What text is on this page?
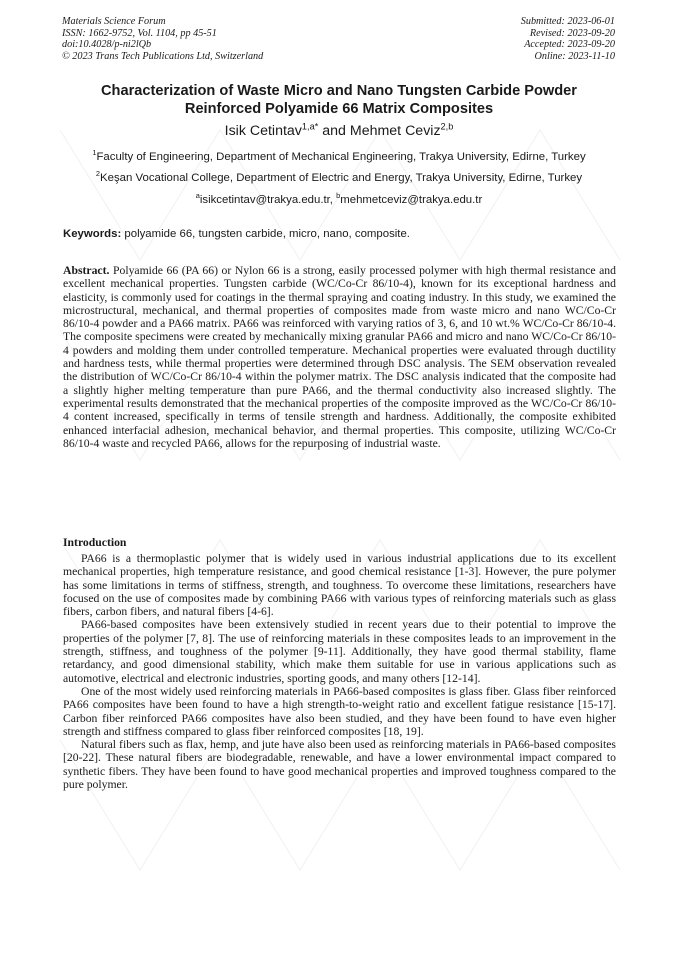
Materials Science Forum
ISSN: 1662-9752, Vol. 1104, pp 45-51
doi:10.4028/p-ni2lQb
© 2023 Trans Tech Publications Ltd, Switzerland
Submitted: 2023-06-01
Revised: 2023-09-20
Accepted: 2023-09-20
Online: 2023-11-10
Characterization of Waste Micro and Nano Tungsten Carbide Powder
Reinforced Polyamide 66 Matrix Composites
Isik Cetintav$^{1,a*}$ and Mehmet Ceviz$^{2,b}$
$^1$Faculty of Engineering, Department of Mechanical Engineering, Trakya University, Edirne, Turkey
$^2$Keşan Vocational College, Department of Electric and Energy, Trakya University, Edirne, Turkey
$^a$isikcetintav@trakya.edu.tr, $^b$mehmetceviz@trakya.edu.tr
Keywords: polyamide 66, tungsten carbide, micro, nano, composite.
Abstract. Polyamide 66 (PA 66) or Nylon 66 is a strong, easily processed polymer with high thermal resistance and excellent mechanical properties. Tungsten carbide (WC/Co-Cr 86/10-4), known for its exceptional hardness and elasticity, is commonly used for coatings in the thermal spraying and coating industry. In this study, we examined the microstructural, mechanical, and thermal properties of composites made from waste micro and nano WC/Co-Cr 86/10-4 powder and a PA66 matrix. PA66 was reinforced with varying ratios of 3, 6, and 10 wt.% WC/Co-Cr 86/10-4. The composite specimens were created by mechanically mixing granular PA66 and micro and nano WC/Co-Cr 86/10-4 powders and molding them under controlled temperature. Mechanical properties were evaluated through ductility and hardness tests, while thermal properties were determined through DSC analysis. The SEM observation revealed the distribution of WC/Co-Cr 86/10-4 within the polymer matrix. The DSC analysis indicated that the composite had a slightly higher melting temperature than pure PA66, and the thermal conductivity also increased slightly. The experimental results demonstrated that the mechanical properties of the composite improved as the WC/Co-Cr 86/10-4 content increased, specifically in terms of tensile strength and hardness. Additionally, the composite exhibited enhanced interfacial adhesion, mechanical behavior, and thermal properties. This composite, utilizing WC/Co-Cr 86/10-4 waste and recycled PA66, allows for the repurposing of industrial waste.
Introduction

PA66 is a thermoplastic polymer that is widely used in various industrial applications due to its excellent mechanical properties, high temperature resistance, and good chemical resistance [1-3]. However, the pure polymer has some limitations in terms of stiffness, strength, and toughness. To overcome these limitations, researchers have focused on the use of composites made by combining PA66 with various types of reinforcing materials such as glass fibers, carbon fibers, and natural fibers [4-6].

PA66-based composites have been extensively studied in recent years due to their potential to improve the properties of the polymer [7, 8]. The use of reinforcing materials in these composites leads to an improvement in the strength, stiffness, and toughness of the polymer [9-11]. Additionally, they have good thermal stability, flame retardancy, and good dimensional stability, which make them suitable for use in various applications such as automotive, electrical and electronic industries, sporting goods, and many others [12-14].

One of the most widely used reinforcing materials in PA66-based composites is glass fiber. Glass fiber reinforced PA66 composites have been found to have a high strength-to-weight ratio and excellent fatigue resistance [15-17]. Carbon fiber reinforced PA66 composites have also been studied, and they have been found to have even higher strength and stiffness compared to glass fiber reinforced composites [18, 19].

Natural fibers such as flax, hemp, and jute have also been used as reinforcing materials in PA66-based composites [20-22]. These natural fibers are biodegradable, renewable, and have a lower environmental impact compared to synthetic fibers. They have been found to have good mechanical properties and improved toughness compared to the pure polymer.
